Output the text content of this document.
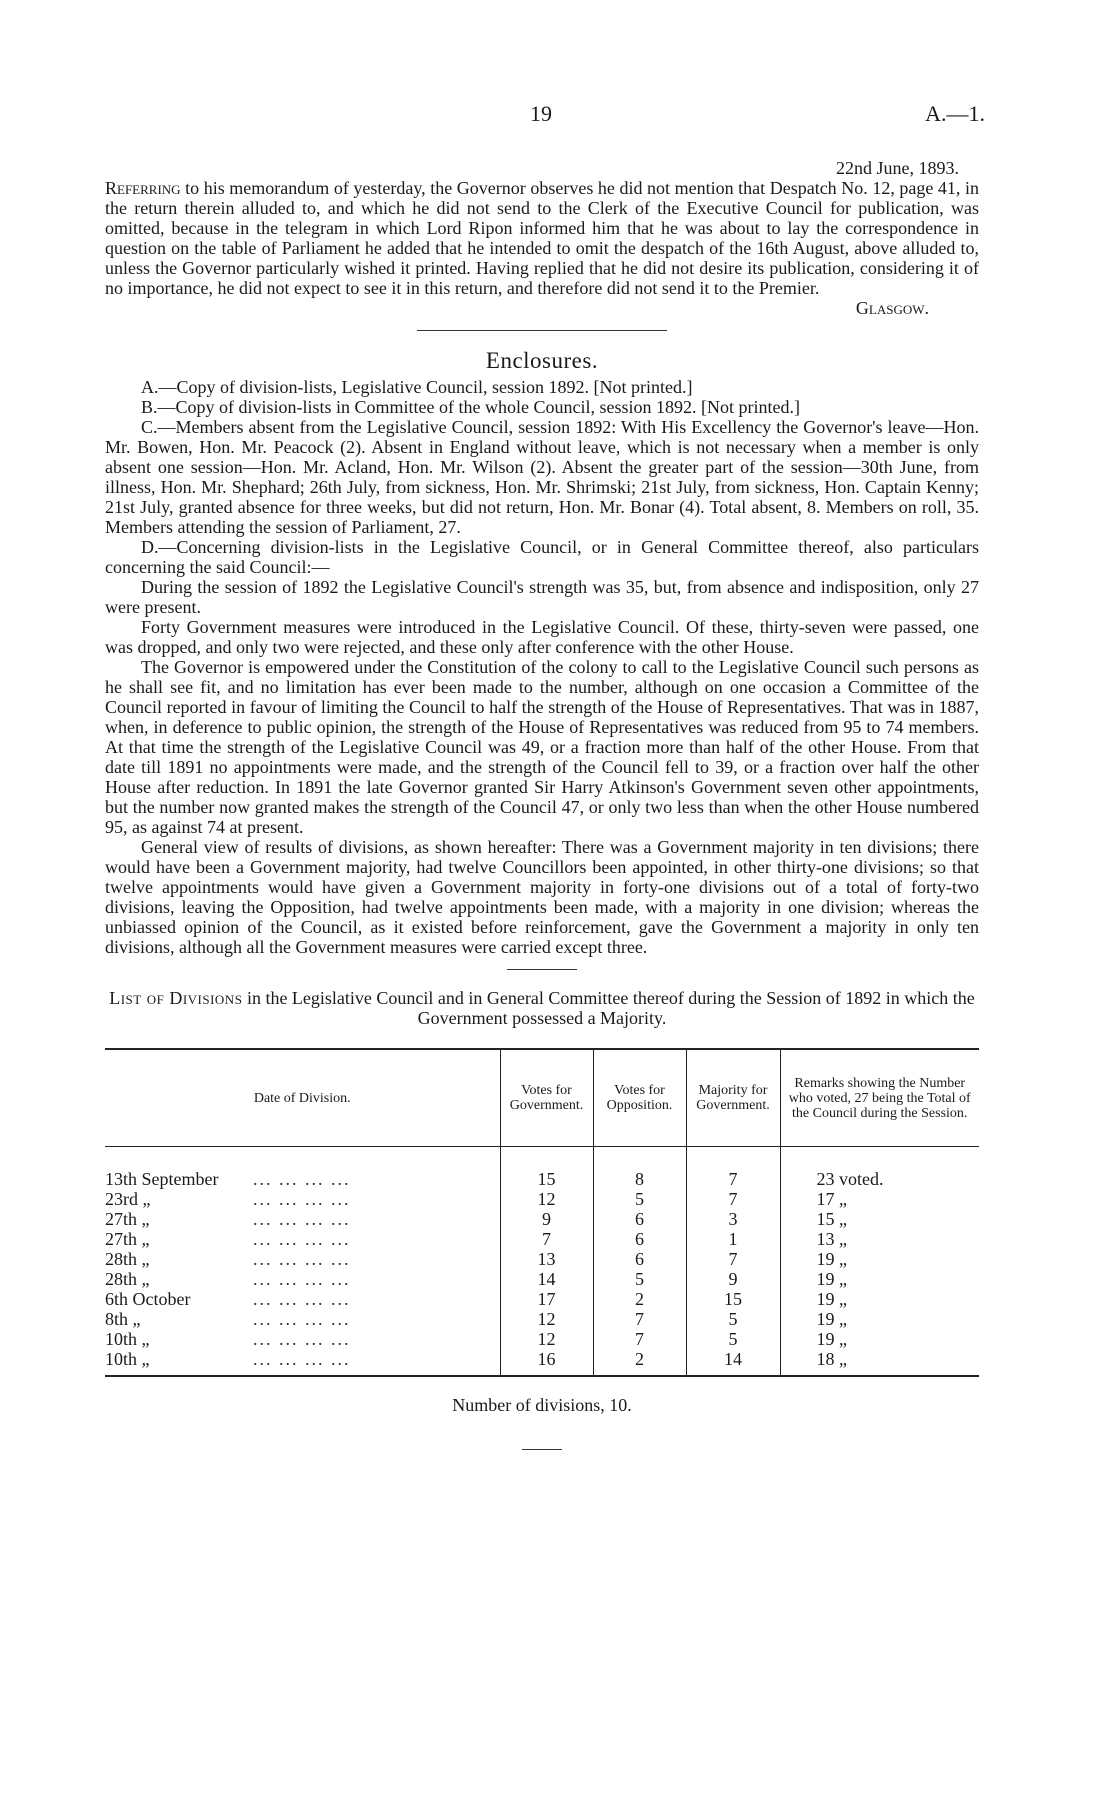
19	A.—1.
22nd June, 1893.

Referring to his memorandum of yesterday, the Governor observes he did not mention that Despatch No. 12, page 41, in the return therein alluded to, and which he did not send to the Clerk of the Executive Council for publication, was omitted, because in the telegram in which Lord Ripon informed him that he was about to lay the correspondence in question on the table of Parliament he added that he intended to omit the despatch of the 16th August, above alluded to, unless the Governor particularly wished it printed. Having replied that he did not desire its publication, considering it of no importance, he did not expect to see it in this return, and therefore did not send it to the Premier.

Glasgow.
Enclosures.

A.—Copy of division-lists, Legislative Council, session 1892. [Not printed.]

B.—Copy of division-lists in Committee of the whole Council, session 1892. [Not printed.]

C.—Members absent from the Legislative Council, session 1892: With His Excellency the Governor's leave—Hon. Mr. Bowen, Hon. Mr. Peacock (2). Absent in England without leave, which is not necessary when a member is only absent one session—Hon. Mr. Acland, Hon. Mr. Wilson (2). Absent the greater part of the session—30th June, from illness, Hon. Mr. Shephard; 26th July, from sickness, Hon. Mr. Shrimski; 21st July, from sickness, Hon. Captain Kenny; 21st July, granted absence for three weeks, but did not return, Hon. Mr. Bonar (4). Total absent, 8. Members on roll, 35. Members attending the session of Parliament, 27.

D.—Concerning division-lists in the Legislative Council, or in General Committee thereof, also particulars concerning the said Council:—

During the session of 1892 the Legislative Council's strength was 35, but, from absence and indisposition, only 27 were present.

Forty Government measures were introduced in the Legislative Council. Of these, thirty-seven were passed, one was dropped, and only two were rejected, and these only after conference with the other House.

The Governor is empowered under the Constitution of the colony to call to the Legislative Council such persons as he shall see fit, and no limitation has ever been made to the number, although on one occasion a Committee of the Council reported in favour of limiting the Council to half the strength of the House of Representatives. That was in 1887, when, in deference to public opinion, the strength of the House of Representatives was reduced from 95 to 74 members. At that time the strength of the Legislative Council was 49, or a fraction more than half of the other House. From that date till 1891 no appointments were made, and the strength of the Council fell to 39, or a fraction over half the other House after reduction. In 1891 the late Governor granted Sir Harry Atkinson's Government seven other appointments, but the number now granted makes the strength of the Council 47, or only two less than when the other House numbered 95, as against 74 at present.

General view of results of divisions, as shown hereafter: There was a Government majority in ten divisions; there would have been a Government majority, had twelve Councillors been appointed, in other thirty-one divisions; so that twelve appointments would have given a Government majority in forty-one divisions out of a total of forty-two divisions, leaving the Opposition, had twelve appointments been made, with a majority in one division; whereas the unbiassed opinion of the Council, as it existed before reinforcement, gave the Government a majority in only ten divisions, although all the Government measures were carried except three.

List of Divisions in the Legislative Council and in General Committee thereof during the Session of 1892 in which the Government possessed a Majority.

Date of Division.	Votes for Government.	Votes for Opposition.	Majority for Government.	Remarks showing the Number who voted, 27 being the Total of the Council during the Session.
13th September ... ... ... ...	15	8	7	23 voted.
23rd „ ... ... ... ...	12	5	7	17 „
27th „ ... ... ... ...	9	6	3	15 „
27th „ ... ... ... ...	7	6	1	13 „
28th „ ... ... ... ...	13	6	7	19 „
28th „ ... ... ... ...	14	5	9	19 „
6th October ... ... ... ...	17	2	15	19 „
8th „ ... ... ... ...	12	7	5	19 „
10th „ ... ... ... ...	12	7	5	19 „
10th „ ... ... ... ...	16	2	14	18 „
Number of divisions, 10.
